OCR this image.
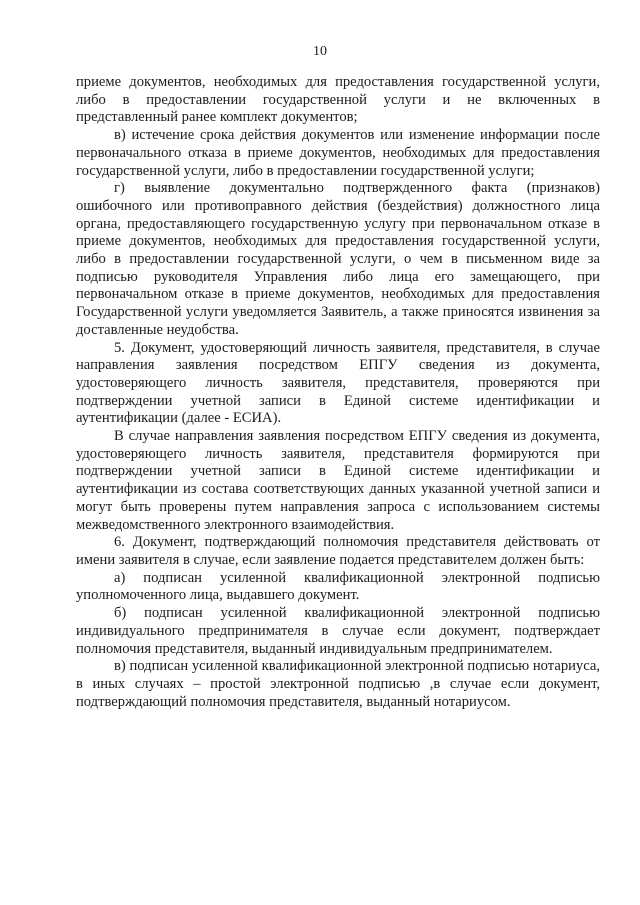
10

приеме документов, необходимых для предоставления государственной услуги, либо в предоставлении государственной услуги и не включенных в представленный ранее комплект документов;

в) истечение срока действия документов или изменение информации после первоначального отказа в приеме документов, необходимых для предоставления государственной услуги, либо в предоставлении государственной услуги;

г) выявление документально подтвержденного факта (признаков) ошибочного или противоправного действия (бездействия) должностного лица органа, предоставляющего государственную услугу при первоначальном отказе в приеме документов, необходимых для предоставления государственной услуги, либо в предоставлении государственной услуги, о чем в письменном виде за подписью руководителя Управления либо лица его замещающего, при первоначальном отказе в приеме документов, необходимых для предоставления Государственной услуги уведомляется Заявитель, а также приносятся извинения за доставленные неудобства.

5. Документ, удостоверяющий личность заявителя, представителя, в случае направления заявления посредством ЕПГУ сведения из документа, удостоверяющего личность заявителя, представителя, проверяются при подтверждении учетной записи в Единой системе идентификации и аутентификации (далее - ЕСИА).

В случае направления заявления посредством ЕПГУ сведения из документа, удостоверяющего личность заявителя, представителя формируются при подтверждении учетной записи в Единой системе идентификации и аутентификации из состава соответствующих данных указанной учетной записи и могут быть проверены путем направления запроса с использованием системы межведомственного электронного взаимодействия.

6. Документ, подтверждающий полномочия представителя действовать от имени заявителя в случае, если заявление подается представителем должен быть:

а) подписан усиленной квалификационной электронной подписью уполномоченного лица, выдавшего документ.

б) подписан усиленной квалификационной электронной подписью индивидуального предпринимателя в случае если документ, подтверждает полномочия представителя, выданный индивидуальным предпринимателем.

в) подписан усиленной квалификационной электронной подписью нотариуса, в иных случаях – простой электронной подписью ,в случае если документ, подтверждающий полномочия представителя, выданный нотариусом.
